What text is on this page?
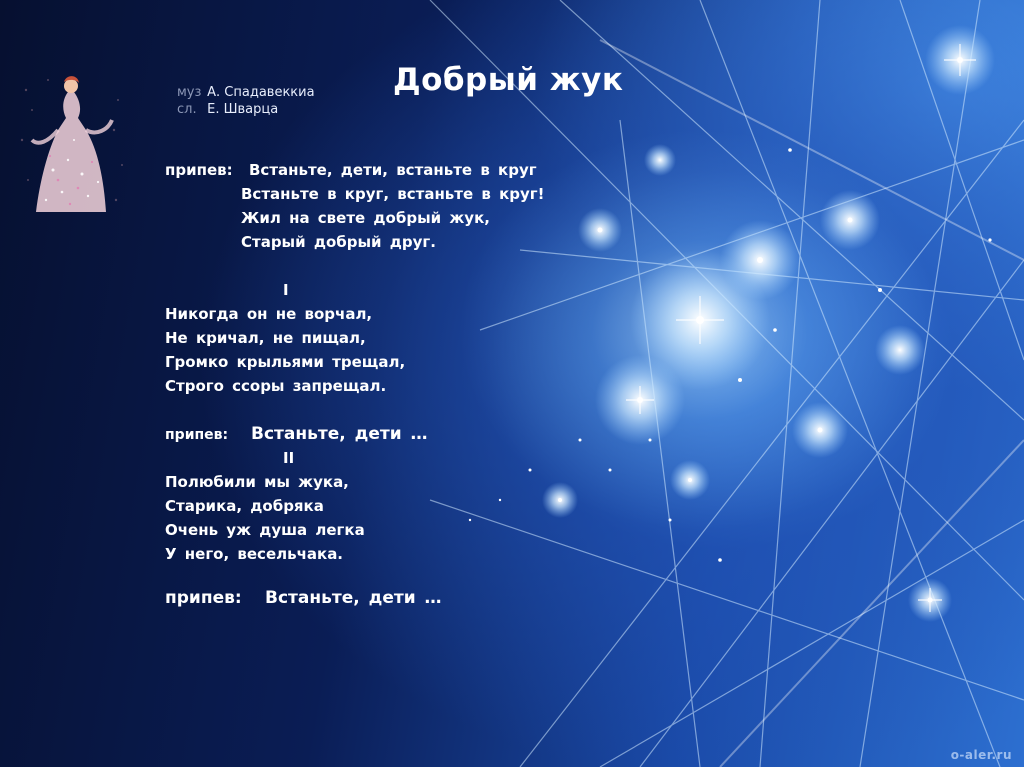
муз А. Спадавеккиа
сл. Е. Шварца
Добрый жук
припев: Встаньте, дети, встаньте в круг
Встаньте в круг, встаньте в круг!
Жил на свете добрый жук,
Старый добрый друг.
I
Никогда он не ворчал,
Не кричал, не пищал,
Громко крыльями трещал,
Строго ссоры запрещал.
припев: Встаньте, дети …
II
Полюбили мы жука,
Старика, добряка
Очень уж душа легка
У него, весельчака.
припев: Встаньте, дети …
o-aler.ru
